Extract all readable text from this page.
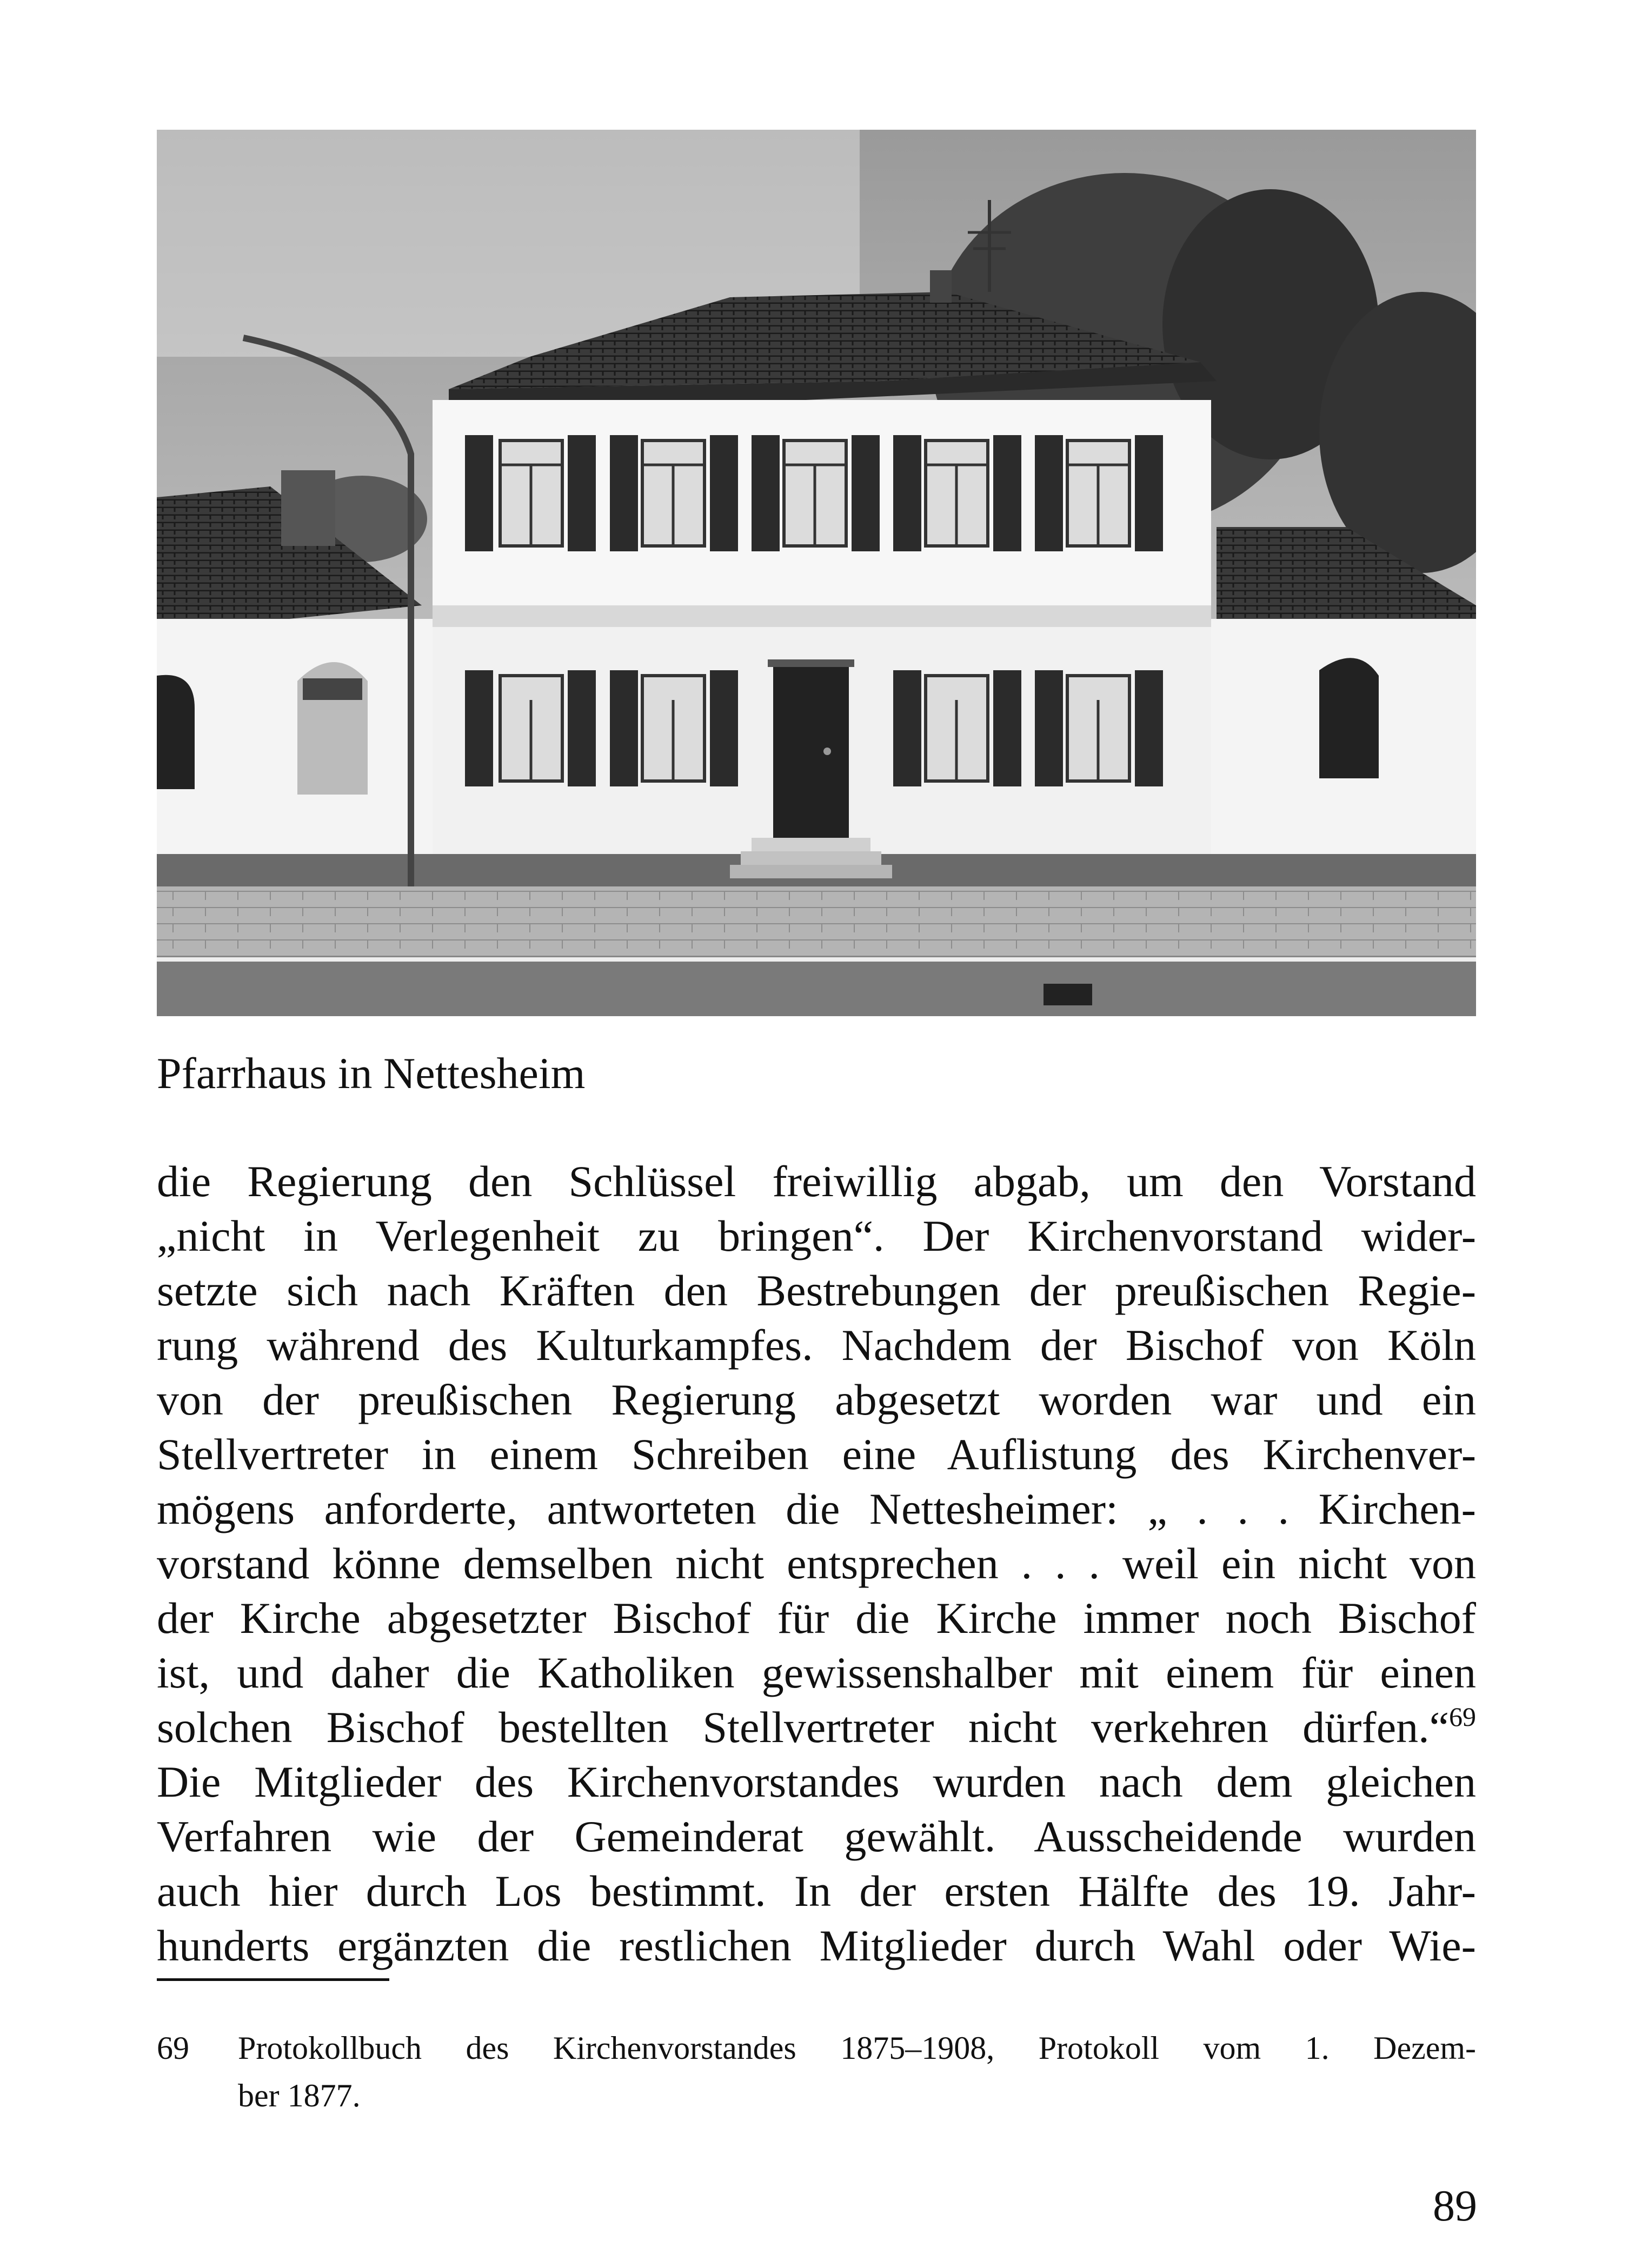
Pfarrhaus in Nettesheim
die Regierung den Schlüssel freiwillig abgab, um den Vorstand
„nicht in Verlegenheit zu bringen“. Der Kirchenvorstand wider-
setzte sich nach Kräften den Bestrebungen der preußischen Regie-
rung während des Kulturkampfes. Nachdem der Bischof von Köln
von der preußischen Regierung abgesetzt worden war und ein
Stellvertreter in einem Schreiben eine Auflistung des Kirchenver-
mögens anforderte, antworteten die Nettesheimer: „ . . . Kirchen-
vorstand könne demselben nicht entsprechen . . . weil ein nicht von
der Kirche abgesetzter Bischof für die Kirche immer noch Bischof
ist, und daher die Katholiken gewissenshalber mit einem für einen
solchen Bischof bestellten Stellvertreter nicht verkehren dürfen.“$^{69}$
Die Mitglieder des Kirchenvorstandes wurden nach dem gleichen
Verfahren wie der Gemeinderat gewählt. Ausscheidende wurden
auch hier durch Los bestimmt. In der ersten Hälfte des 19. Jahr-
hunderts ergänzten die restlichen Mitglieder durch Wahl oder Wie-
69 Protokollbuch des Kirchenvorstandes 1875–1908, Protokoll vom 1. Dezem-
ber 1877.
89
